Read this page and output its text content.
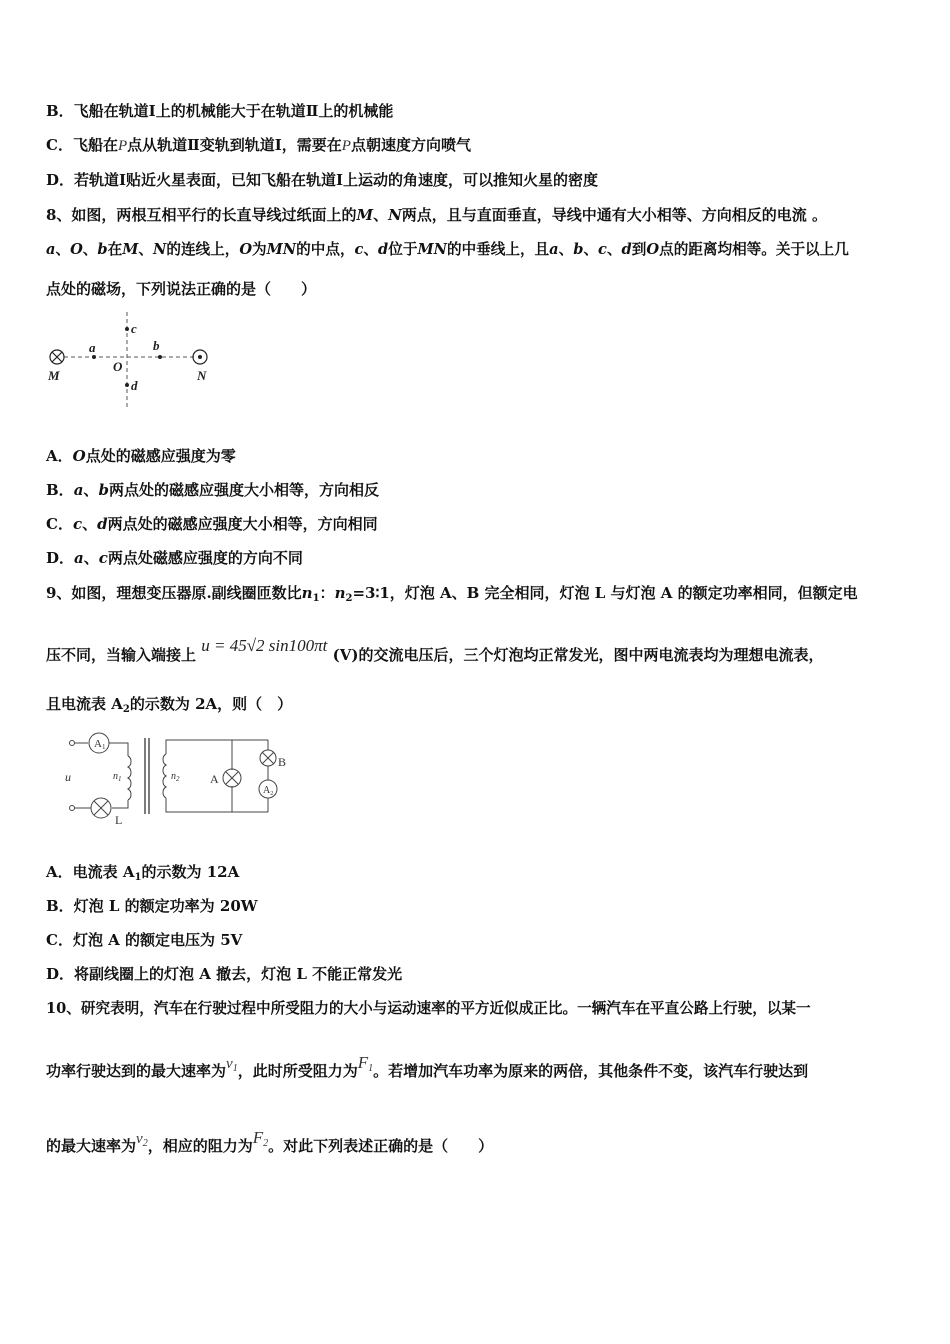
B．飞船在轨道Ⅰ上的机械能大于在轨道Ⅱ上的机械能
C．飞船在P点从轨道Ⅱ变轨到轨道Ⅰ，需要在P点朝速度方向喷气
D．若轨道Ⅰ贴近火星表面，已知飞船在轨道Ⅰ上运动的角速度，可以推知火星的密度
8、如图，两根互相平行的长直导线过纸面上的M、N两点，且与直面垂直，导线中通有大小相等、方向相反的电流 。
a、O、b在M、N的连线上，O为MN的中点，c、d位于MN的中垂线上，且a、b、c、d到O点的距离均相等。关于以上几
点处的磁场，下列说法正确的是（　　）
a	b
c
d
O
M	N
A．O点处的磁感应强度为零
B．a、b两点处的磁感应强度大小相等，方向相反
C．c、d两点处的磁感应强度大小相等，方向相同
D．a、c两点处磁感应强度的方向不同
9、如图，理想变压器原.副线圈匝数比$n_1$：$n_2=3∶1$，灯泡 A、B 完全相同，灯泡 L 与灯泡 A 的额定功率相同，但额定电
压不同，当输入端接上 u = 45√2 sin100πt (V)的交流电压后，三个灯泡均正常发光，图中两电流表均为理想电流表，
且电流表 $A_2$的示数为 2A，则（　）
A1
u	$n_1$	$n_2$	A
B
$A_2$
L
A．电流表 $A_1$的示数为 12A
B．灯泡 L 的额定功率为 20W
C．灯泡 A 的额定电压为 5V
D．将副线圈上的灯泡 A 撤去，灯泡 L 不能正常发光
10、研究表明，汽车在行驶过程中所受阻力的大小与运动速率的平方近似成正比。一辆汽车在平直公路上行驶，以某一
功率行驶达到的最大速率为$v_1$，此时所受阻力为$F_1$。若增加汽车功率为原来的两倍，其他条件不变，该汽车行驶达到
的最大速率为$v_2$，相应的阻力为$F_2$。对此下列表述正确的是（　　）
